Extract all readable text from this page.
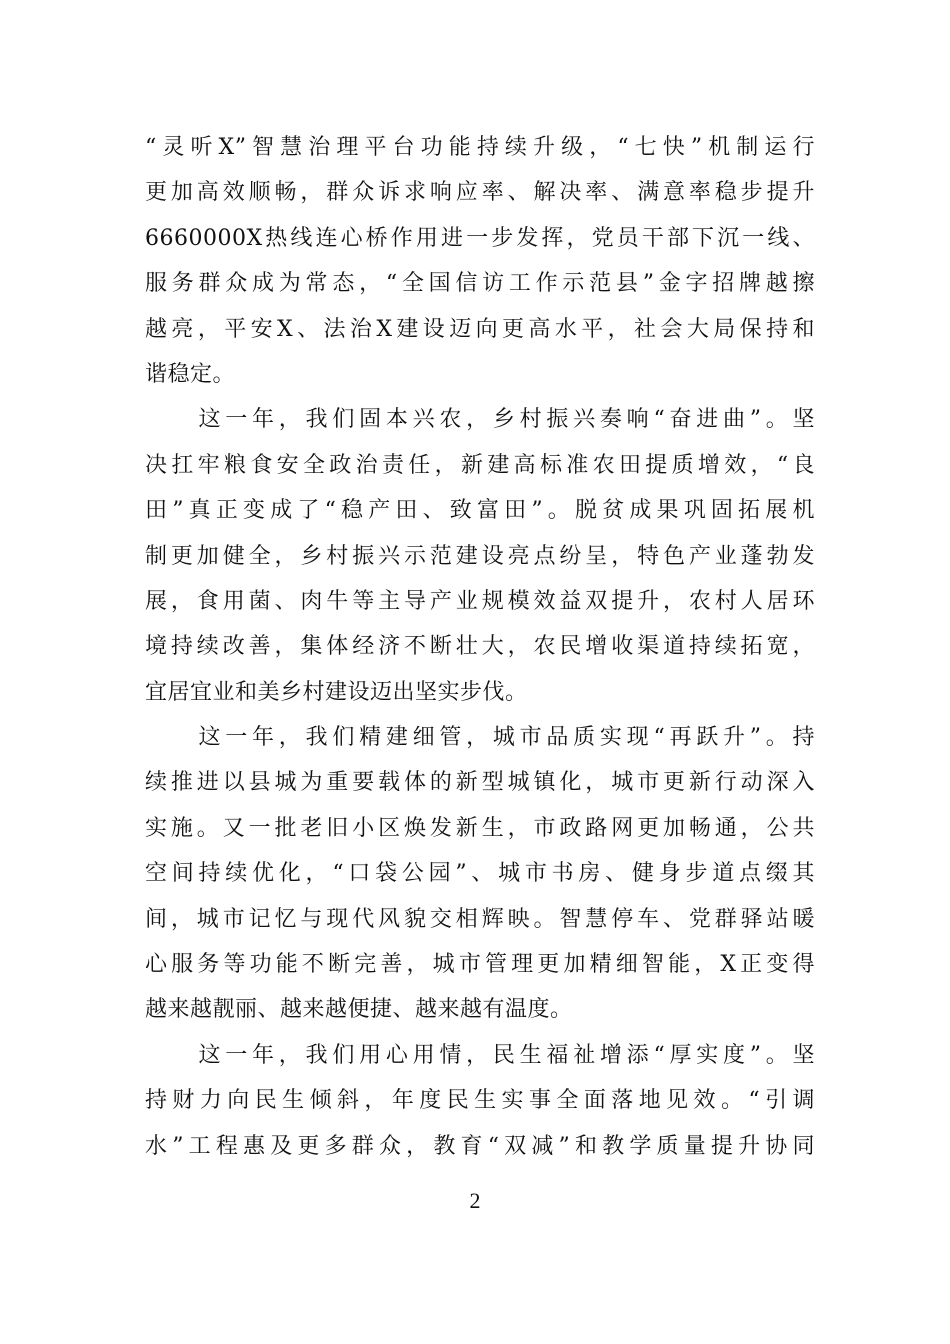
“灵听X”智慧治理平台功能持续升级，“七快”机制运行
更加高效顺畅，群众诉求响应率、解决率、满意率稳步提升
6660000X热线连心桥作用进一步发挥，党员干部下沉一线、
服务群众成为常态，“全国信访工作示范县”金字招牌越擦
越亮，平安X、法治X建设迈向更高水平，社会大局保持和
谐稳定。
　　这一年，我们固本兴农，乡村振兴奏响“奋进曲”。坚
决扛牢粮食安全政治责任，新建高标准农田提质增效，“良
田”真正变成了“稳产田、致富田”。脱贫成果巩固拓展机
制更加健全，乡村振兴示范建设亮点纷呈，特色产业蓬勃发
展，食用菌、肉牛等主导产业规模效益双提升，农村人居环
境持续改善，集体经济不断壮大，农民增收渠道持续拓宽，
宜居宜业和美乡村建设迈出坚实步伐。
　　这一年，我们精建细管，城市品质实现“再跃升”。持
续推进以县城为重要载体的新型城镇化，城市更新行动深入
实施。又一批老旧小区焕发新生，市政路网更加畅通，公共
空间持续优化，“口袋公园”、城市书房、健身步道点缀其
间，城市记忆与现代风貌交相辉映。智慧停车、党群驿站暖
心服务等功能不断完善，城市管理更加精细智能，X正变得
越来越靓丽、越来越便捷、越来越有温度。
　　这一年，我们用心用情，民生福祉增添“厚实度”。坚
持财力向民生倾斜，年度民生实事全面落地见效。“引调
水”工程惠及更多群众，教育“双减”和教学质量提升协同
2
